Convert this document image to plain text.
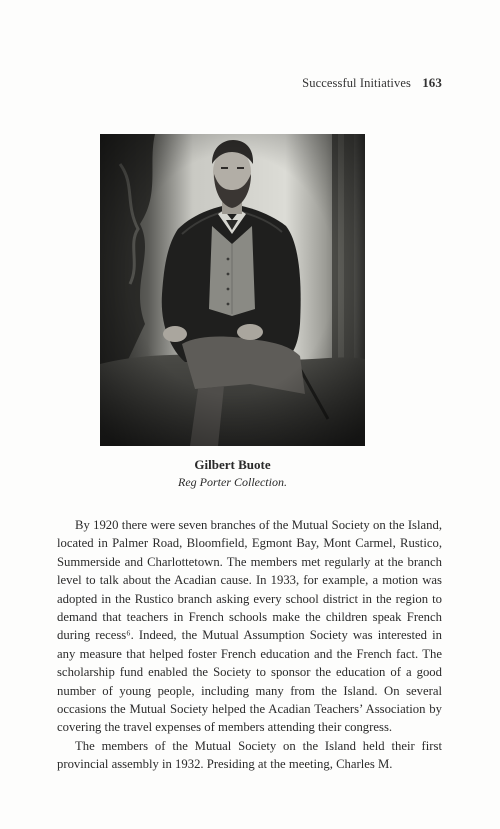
Successful Initiatives 163
Gilbert Buote
Reg Porter Collection.

By 1920 there were seven branches of the Mutual Society on the Island, located in Palmer Road, Bloomfield, Egmont Bay, Mont Carmel, Rustico, Summerside and Charlottetown. The members met regularly at the branch level to talk about the Acadian cause. In 1933, for example, a motion was adopted in the Rustico branch asking every school district in the region to demand that teachers in French schools make the children speak French during recess⁶. Indeed, the Mutual Assumption Society was interested in any measure that helped foster French education and the French fact. The scholarship fund enabled the Society to sponsor the education of a good number of young people, including many from the Island. On several occasions the Mutual Society helped the Acadian Teachers’ Association by covering the travel expenses of members attending their congress.

The members of the Mutual Society on the Island held their first provincial assembly in 1932. Presiding at the meeting, Charles M.
